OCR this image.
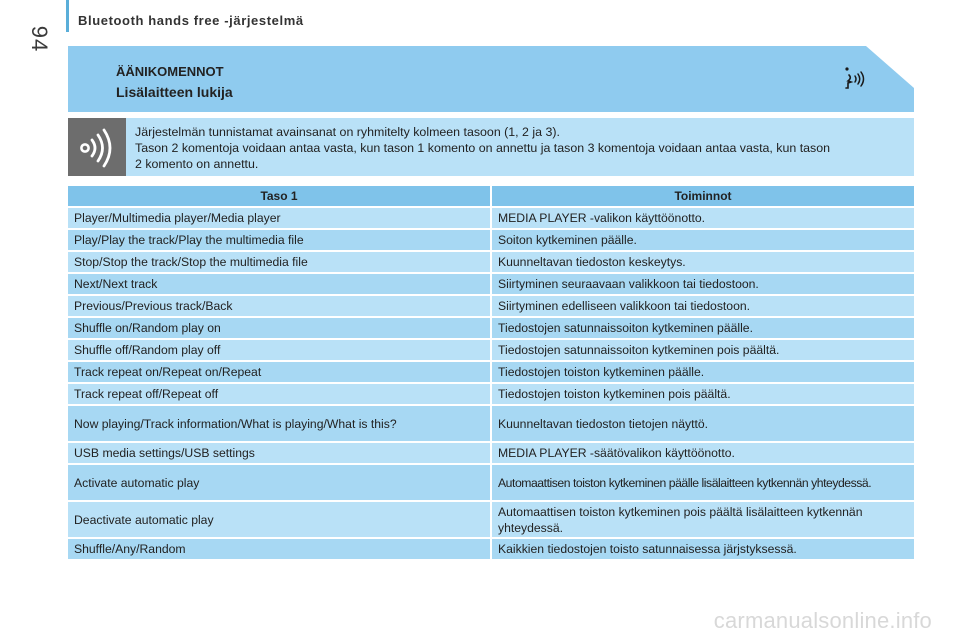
94
Bluetooth hands free -järjestelmä
ÄÄNIKOMENNOT
Lisälaitteen lukija
Järjestelmän tunnistamat avainsanat on ryhmitelty kolmeen tasoon (1, 2 ja 3).
Tason 2 komentoja voidaan antaa vasta, kun tason 1 komento on annettu ja tason 3 komentoja voidaan antaa vasta, kun tason
2 komento on annettu.
Taso 1	Toiminnot
Player/Multimedia player/Media player	MEDIA PLAYER -valikon käyttöönotto.
Play/Play the track/Play the multimedia file	Soiton kytkeminen päälle.
Stop/Stop the track/Stop the multimedia file	Kuunneltavan tiedoston keskeytys.
Next/Next track	Siirtyminen seuraavaan valikkoon tai tiedostoon.
Previous/Previous track/Back	Siirtyminen edelliseen valikkoon tai tiedostoon.
Shuffle on/Random play on	Tiedostojen satunnaissoiton kytkeminen päälle.
Shuffle off/Random play off	Tiedostojen satunnaissoiton kytkeminen pois päältä.
Track repeat on/Repeat on/Repeat	Tiedostojen toiston kytkeminen päälle.
Track repeat off/Repeat off	Tiedostojen toiston kytkeminen pois päältä.
Now playing/Track information/What is playing/What is this?	Kuunneltavan tiedoston tietojen näyttö.
USB media settings/USB settings	MEDIA PLAYER -säätövalikon käyttöönotto.
Activate automatic play	Automaattisen toiston kytkeminen päälle lisälaitteen kytkennän yhteydessä.
Deactivate automatic play	Automaattisen toiston kytkeminen pois päältä lisälaitteen kytkennän yhteydessä.
Shuffle/Any/Random	Kaikkien tiedostojen toisto satunnaisessa järjstyksessä.
carmanualsonline.info
